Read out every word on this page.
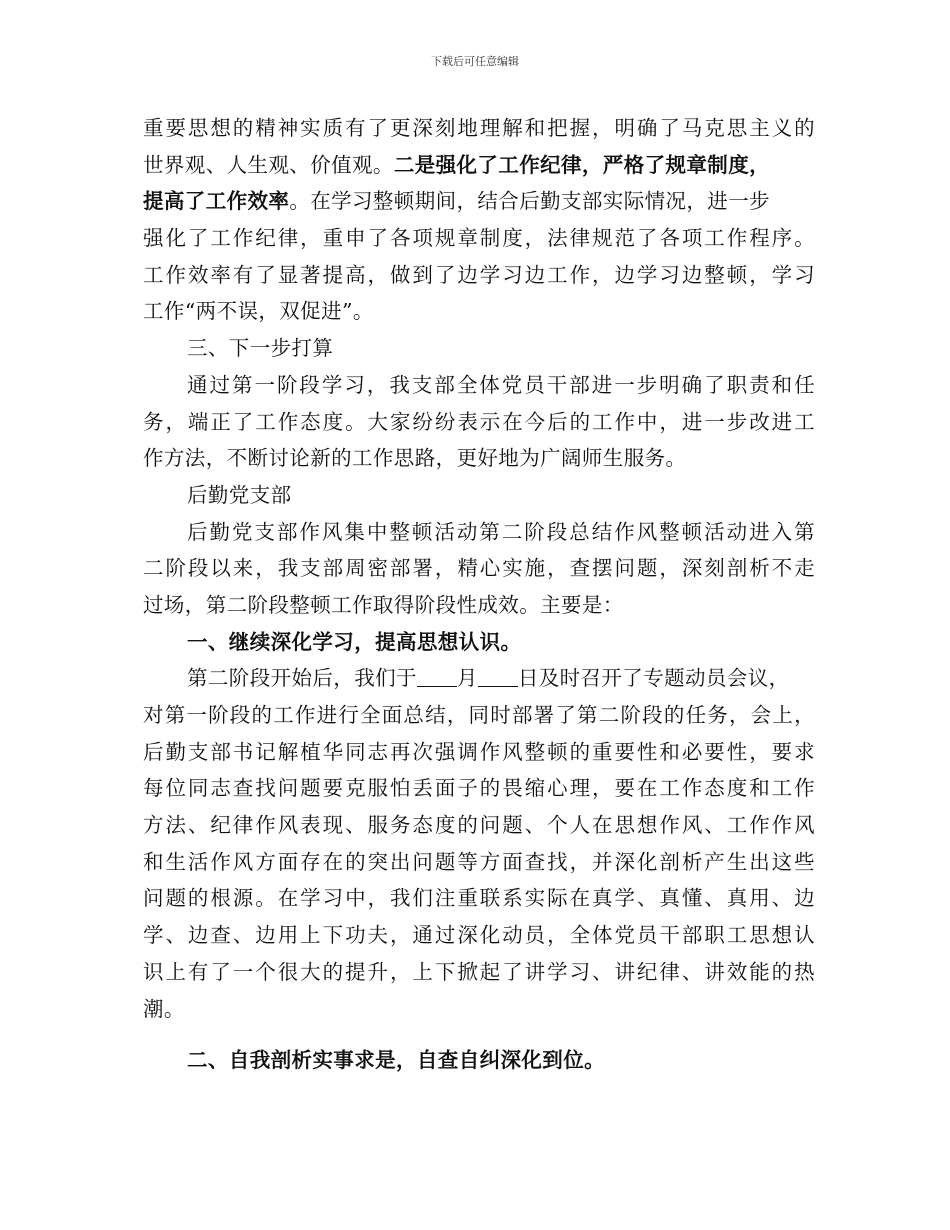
下载后可任意编辑
重要思想的精神实质有了更深刻地理解和把握，明确了马克思主义的
世界观、人生观、价值观。二是强化了工作纪律，严格了规章制度，
提高了工作效率。在学习整顿期间，结合后勤支部实际情况，进一步
强化了工作纪律，重申了各项规章制度，法律规范了各项工作程序。
工作效率有了显著提高，做到了边学习边工作，边学习边整顿，学习
工作“两不误，双促进”。
三、下一步打算
通过第一阶段学习，我支部全体党员干部进一步明确了职责和任
务，端正了工作态度。大家纷纷表示在今后的工作中，进一步改进工
作方法，不断讨论新的工作思路，更好地为广阔师生服务。
后勤党支部
后勤党支部作风集中整顿活动第二阶段总结作风整顿活动进入第
二阶段以来，我支部周密部署，精心实施，查摆问题，深刻剖析不走
过场，第二阶段整顿工作取得阶段性成效。主要是：
一、继续深化学习，提高思想认识。
第二阶段开始后，我们于 月 日及时召开了专题动员会议，
对第一阶段的工作进行全面总结，同时部署了第二阶段的任务，会上，
后勤支部书记解植华同志再次强调作风整顿的重要性和必要性，要求
每位同志查找问题要克服怕丢面子的畏缩心理，要在工作态度和工作
方法、纪律作风表现、服务态度的问题、个人在思想作风、工作作风
和生活作风方面存在的突出问题等方面查找，并深化剖析产生出这些
问题的根源。在学习中，我们注重联系实际在真学、真懂、真用、边
学、边查、边用上下功夫，通过深化动员，全体党员干部职工思想认
识上有了一个很大的提升，上下掀起了讲学习、讲纪律、讲效能的热
潮。
二、自我剖析实事求是，自查自纠深化到位。
